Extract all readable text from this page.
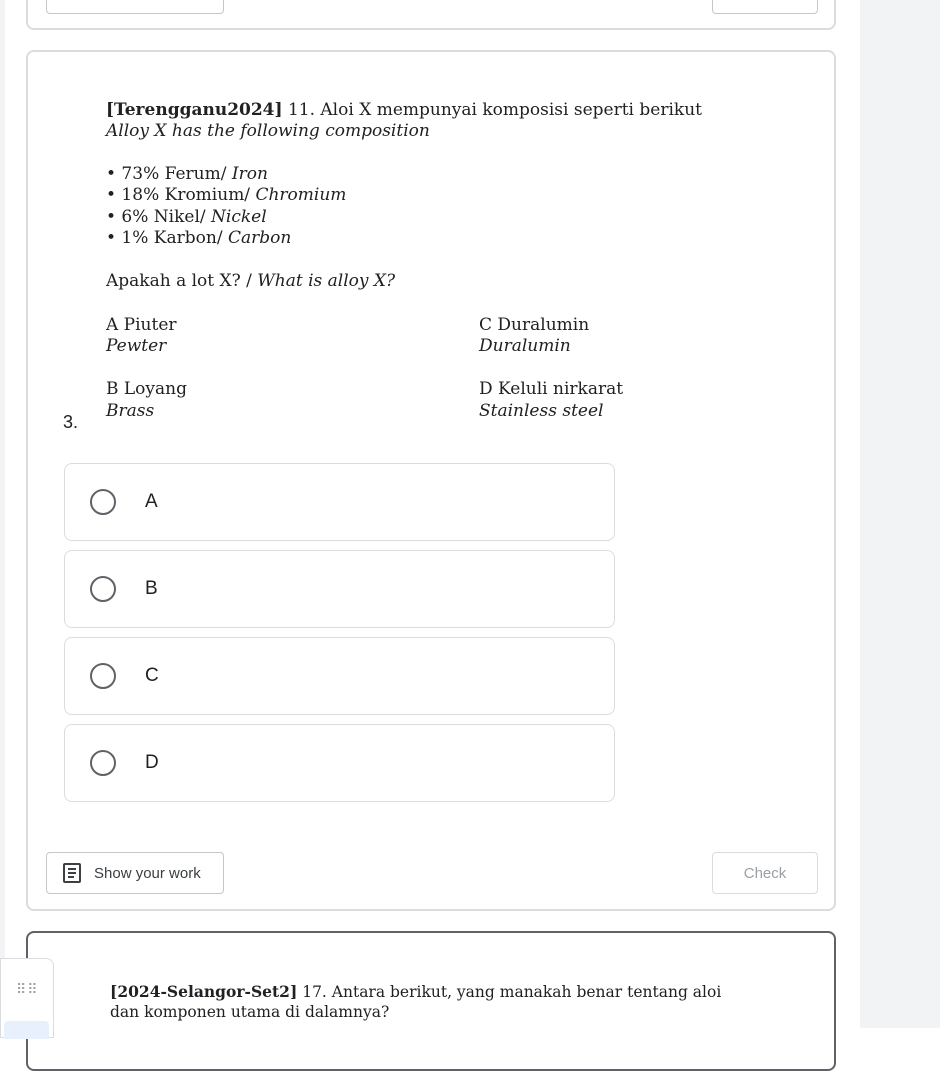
[Terengganu2024] 11. Aloi X mempunyai komposisi seperti berikut
Alloy X has the following composition
• 73% Ferum/ Iron
• 18% Kromium/ Chromium
• 6% Nikel/ Nickel
• 1% Karbon/ Carbon
Apakah a lot X? / What is alloy X?
A Piuter
Pewter
C Duralumin
Duralumin
B Loyang
Brass
D Keluli nirkarat
Stainless steel
3.
A
B
C
D
Show your work	Check
[2024-Selangor-Set2] 17. Antara berikut, yang manakah benar tentang aloi
dan komponen utama di dalamnya?
⠿⠿
